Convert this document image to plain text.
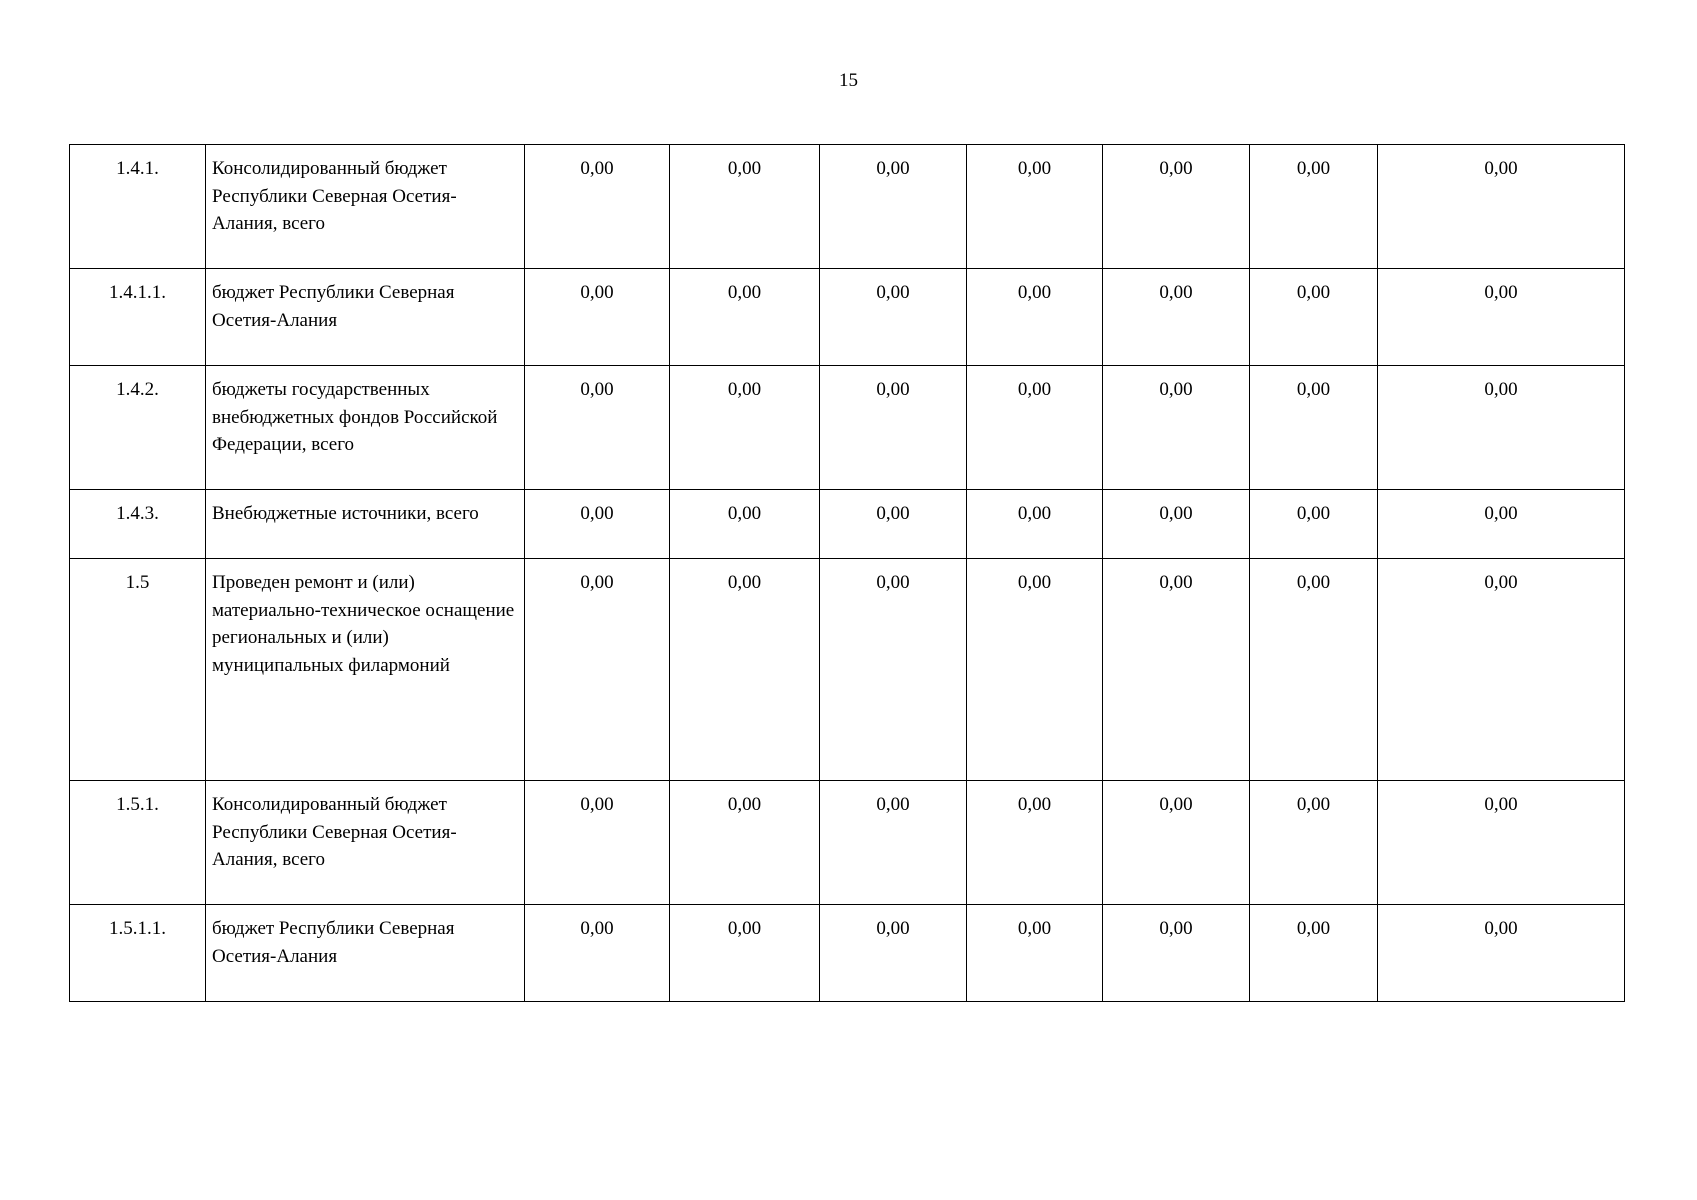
15
1.4.1.	Консолидированный бюджет Республики Северная Осетия-Алания, всего	0,00	0,00	0,00	0,00	0,00	0,00	0,00
1.4.1.1.	бюджет Республики Северная Осетия-Алания	0,00	0,00	0,00	0,00	0,00	0,00	0,00
1.4.2.	бюджеты государственных внебюджетных фондов Российской Федерации, всего	0,00	0,00	0,00	0,00	0,00	0,00	0,00
1.4.3.	Внебюджетные источники, всего	0,00	0,00	0,00	0,00	0,00	0,00	0,00
1.5	Проведен ремонт и (или) материально-техническое оснащение региональных и (или) муниципальных филармоний	0,00	0,00	0,00	0,00	0,00	0,00	0,00
1.5.1.	Консолидированный бюджет Республики Северная Осетия-Алания, всего	0,00	0,00	0,00	0,00	0,00	0,00	0,00
1.5.1.1.	бюджет Республики Северная Осетия-Алания	0,00	0,00	0,00	0,00	0,00	0,00	0,00
